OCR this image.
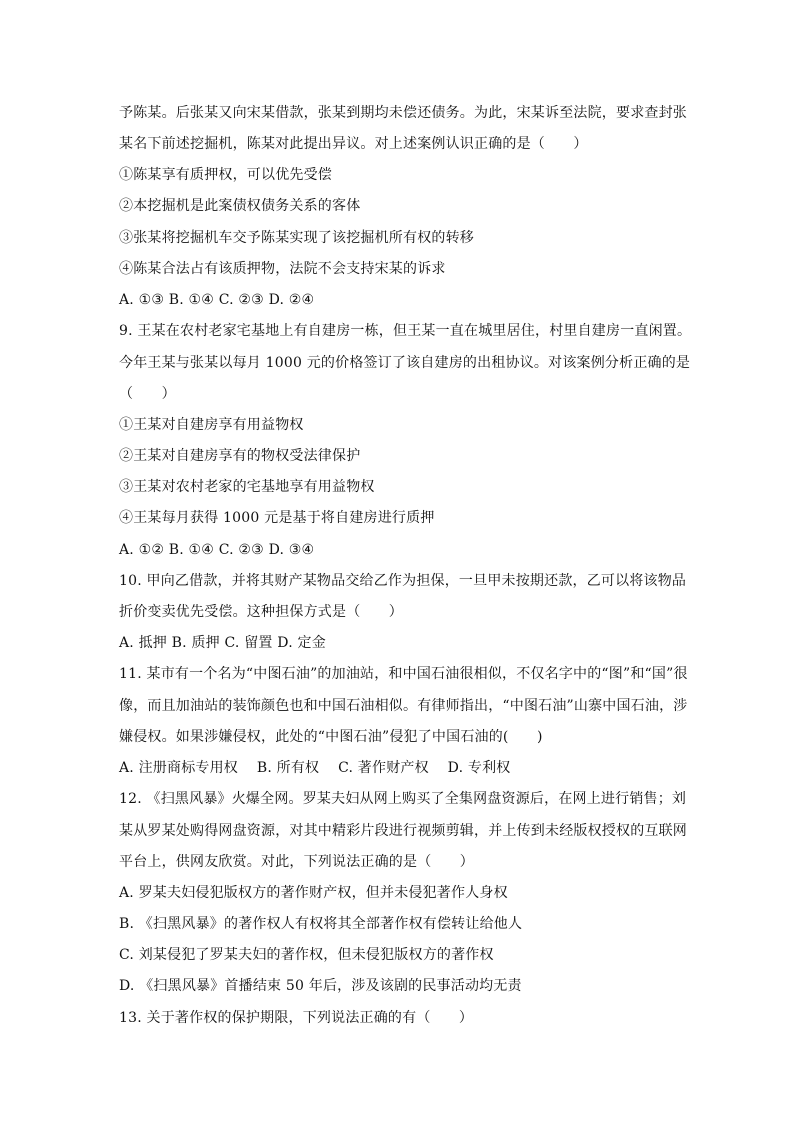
予陈某。后张某又向宋某借款，张某到期均未偿还债务。为此，宋某诉至法院，要求查封张
某名下前述挖掘机，陈某对此提出异议。对上述案例认识正确的是（　　）
①陈某享有质押权，可以优先受偿
②本挖掘机是此案债权债务关系的客体
③张某将挖掘机车交予陈某实现了该挖掘机所有权的转移
④陈某合法占有该质押物，法院不会支持宋某的诉求
A. ①③ B. ①④ C. ②③ D. ②④
9. 王某在农村老家宅基地上有自建房一栋，但王某一直在城里居住，村里自建房一直闲置。
今年王某与张某以每月 1000 元的价格签订了该自建房的出租协议。对该案例分析正确的是
（　　）
①王某对自建房享有用益物权
②王某对自建房享有的物权受法律保护
③王某对农村老家的宅基地享有用益物权
④王某每月获得 1000 元是基于将自建房进行质押
A. ①② B. ①④ C. ②③ D. ③④
10. 甲向乙借款，并将其财产某物品交给乙作为担保，一旦甲未按期还款，乙可以将该物品
折价变卖优先受偿。这种担保方式是（　　）
A. 抵押 B. 质押 C. 留置 D. 定金
11. 某市有一个名为“中图石油”的加油站，和中国石油很相似，不仅名字中的“图”和“国”很
像，而且加油站的装饰颜色也和中国石油相似。有律师指出，“中图石油”山寨中国石油，涉
嫌侵权。如果涉嫌侵权，此处的“中图石油”侵犯了中国石油的(　　)
A. 注册商标专用权　 B. 所有权　 C. 著作财产权　 D. 专利权
12. 《扫黑风暴》火爆全网。罗某夫妇从网上购买了全集网盘资源后，在网上进行销售；刘
某从罗某处购得网盘资源，对其中精彩片段进行视频剪辑，并上传到未经版权授权的互联网
平台上，供网友欣赏。对此，下列说法正确的是（　　）
A. 罗某夫妇侵犯版权方的著作财产权，但并未侵犯著作人身权
B. 《扫黑风暴》的著作权人有权将其全部著作权有偿转让给他人
C. 刘某侵犯了罗某夫妇的著作权，但未侵犯版权方的著作权
D. 《扫黑风暴》首播结束 50 年后，涉及该剧的民事活动均无责
13. 关于著作权的保护期限，下列说法正确的有（　　）
